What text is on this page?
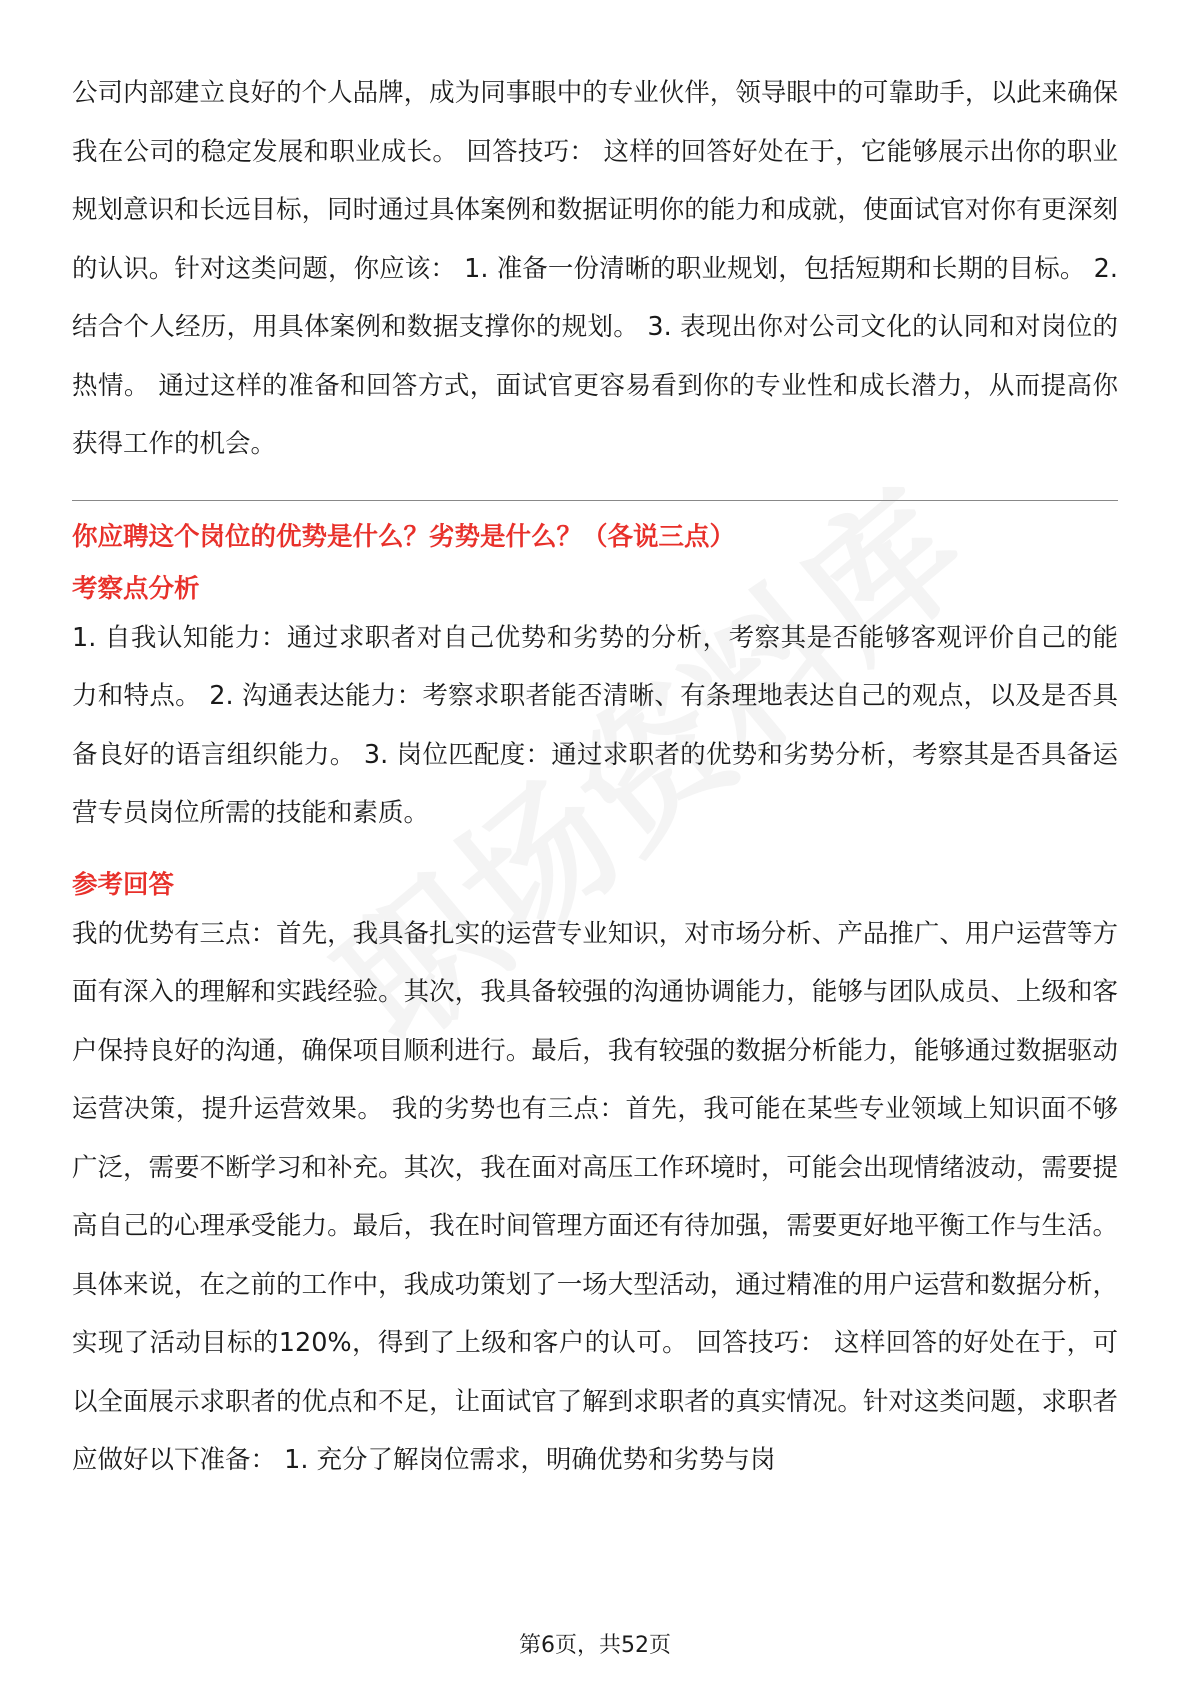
公司内部建立良好的个人品牌，成为同事眼中的专业伙伴，领导眼中的可靠助手，以此来确保我在公司的稳定发展和职业成长。 回答技巧： 这样的回答好处在于，它能够展示出你的职业规划意识和长远目标，同时通过具体案例和数据证明你的能力和成就，使面试官对你有更深刻的认识。针对这类问题，你应该： 1. 准备一份清晰的职业规划，包括短期和长期的目标。 2. 结合个人经历，用具体案例和数据支撑你的规划。 3. 表现出你对公司文化的认同和对岗位的热情。 通过这样的准备和回答方式，面试官更容易看到你的专业性和成长潜力，从而提高你获得工作的机会。

你应聘这个岗位的优势是什么？劣势是什么？（各说三点）
考察点分析

1. 自我认知能力：通过求职者对自己优势和劣势的分析，考察其是否能够客观评价自己的能力和特点。 2. 沟通表达能力：考察求职者能否清晰、有条理地表达自己的观点，以及是否具备良好的语言组织能力。 3. 岗位匹配度：通过求职者的优势和劣势分析，考察其是否具备运营专员岗位所需的技能和素质。

参考回答

我的优势有三点：首先，我具备扎实的运营专业知识，对市场分析、产品推广、用户运营等方面有深入的理解和实践经验。其次，我具备较强的沟通协调能力，能够与团队成员、上级和客户保持良好的沟通，确保项目顺利进行。最后，我有较强的数据分析能力，能够通过数据驱动运营决策，提升运营效果。 我的劣势也有三点：首先，我可能在某些专业领域上知识面不够广泛，需要不断学习和补充。其次，我在面对高压工作环境时，可能会出现情绪波动，需要提高自己的心理承受能力。最后，我在时间管理方面还有待加强，需要更好地平衡工作与生活。 具体来说，在之前的工作中，我成功策划了一场大型活动，通过精准的用户运营和数据分析，实现了活动目标的120%，得到了上级和客户的认可。 回答技巧： 这样回答的好处在于，可以全面展示求职者的优点和不足，让面试官了解到求职者的真实情况。针对这类问题，求职者应做好以下准备： 1. 充分了解岗位需求，明确优势和劣势与岗

第6页，共52页
